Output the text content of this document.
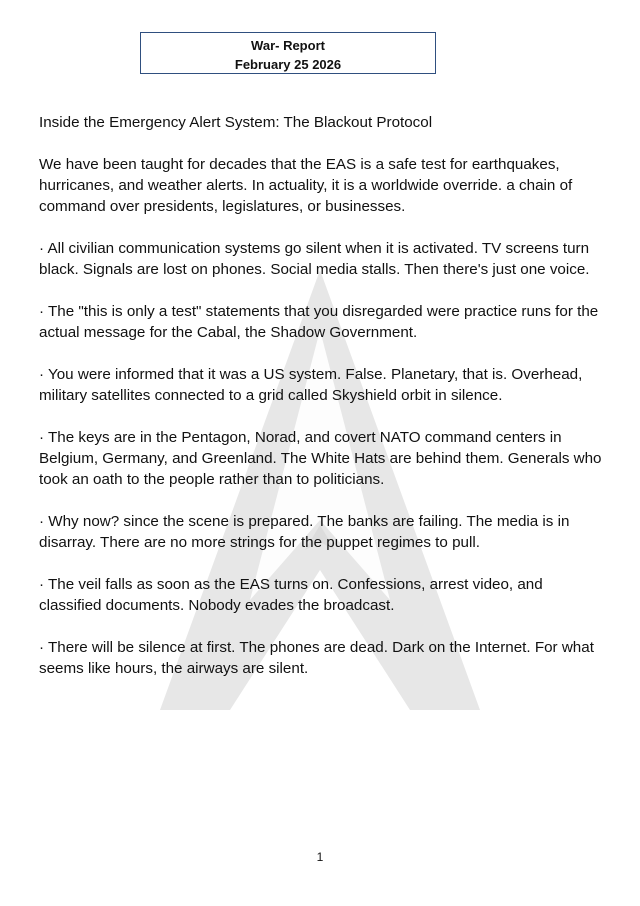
War- Report
February 25 2026

Inside the Emergency Alert System: The Blackout Protocol

We have been taught for decades that the EAS is a safe test for earthquakes, hurricanes, and weather alerts. In actuality, it is a worldwide override. a chain of command over presidents, legislatures, or businesses.

· All civilian communication systems go silent when it is activated. TV screens turn black. Signals are lost on phones. Social media stalls. Then there's just one voice.

· The "this is only a test" statements that you disregarded were practice runs for the actual message for the Cabal, the Shadow Government.

· You were informed that it was a US system. False. Planetary, that is. Overhead, military satellites connected to a grid called Skyshield orbit in silence.

· The keys are in the Pentagon, Norad, and covert NATO command centers in Belgium, Germany, and Greenland. The White Hats are behind them. Generals who took an oath to the people rather than to politicians.

· Why now? since the scene is prepared. The banks are failing. The media is in disarray. There are no more strings for the puppet regimes to pull.

· The veil falls as soon as the EAS turns on. Confessions, arrest video, and classified documents. Nobody evades the broadcast.

· There will be silence at first. The phones are dead. Dark on the Internet. For what seems like hours, the airways are silent.

1
